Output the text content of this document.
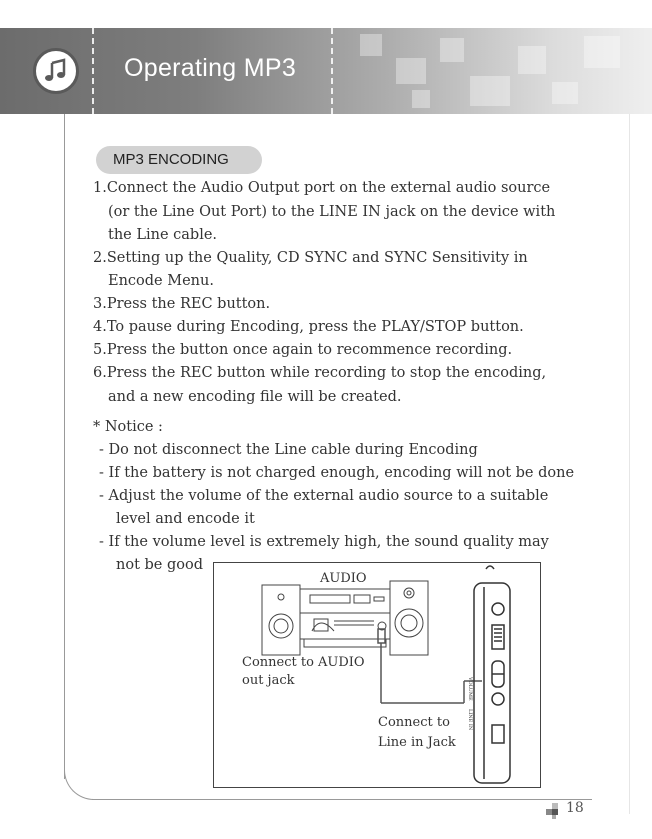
Operating MP3
MP3 ENCODING
1.Connect the Audio Output port on the external audio source
(or the Line Out Port) to the LINE IN jack on the device with
the Line cable.
2.Setting up the Quality, CD SYNC and SYNC Sensitivity in
Encode Menu.
3.Press the REC button.
4.To pause during Encoding, press the PLAY/STOP button.
5.Press the button once again to recommence recording.
6.Press the REC button while recording to stop the encoding,
and a new encoding file will be created.
* Notice :
- Do not disconnect the Line cable during Encoding
- If the battery is not charged enough, encoding will not be done
- Adjust the volume of the external audio source to a suitable
level and encode it
- If the volume level is extremely high, the sound quality may
not be good
AUDIO
Connect to AUDIO
out jack
Connect to
Line in Jack
VOLUME
LINE IN
18
